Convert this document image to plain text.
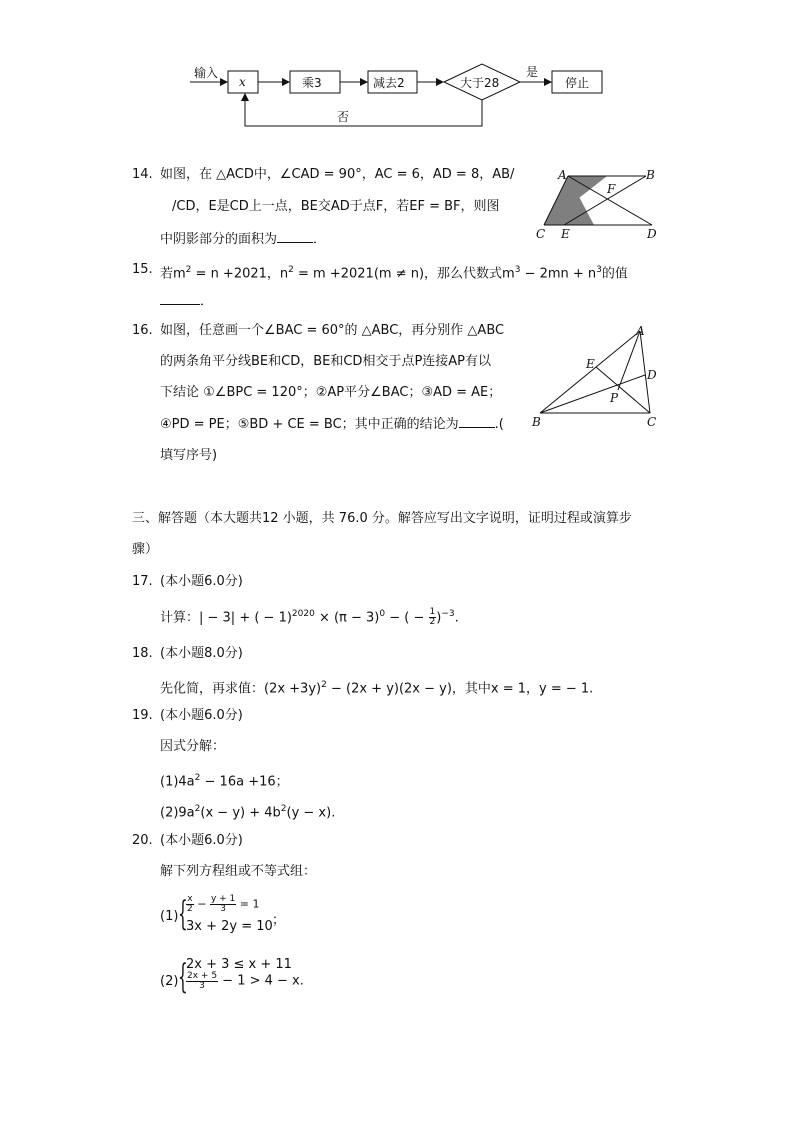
输入
x	乘3	减去2	大于28
是
停止
否
14. 如图，在 △ACD中，∠CAD = 90°，AC = 6，AD = 8，AB/
/CD，E是CD上一点，BE交AD于点F，若EF = BF，则图
中阴影部分的面积为	．
A	B
F
C E	D
15. 若$m^2 = n +2021$，$n^2 = m +2021(m \ne n)$，那么代数式$m^3 - 2mn + n^3$的值
．
16. 如图，任意画一个∠BAC = 60°的 △ABC，再分别作 △ABC
的两条角平分线BE和CD，BE和CD相交于点P连接AP有以
下结论 ①∠BPC = 120°；②AP平分∠BAC；③AD = AE；
④PD = PE；⑤BD + CE = BC；其中正确的结论为	.(
填写序号)
A
E
D
P
B	C
三、解答题（本大题共12 小题，共 76.0 分。解答应写出文字说明，证明过程或演算步
骤）
17. (本小题6.0分)
计算：| − 3| + ( − $1)^{2020} \times (\pi - 3)^0$ − ( − $\frac{1}{2} )^{-3}$.
18. (本小题8.0分)
先化简，再求值：$(2x +3y)^2 - (2x + y)(2x - y)$，其中x = 1，y = − 1.
19. (本小题6.0分)
因式分解：
$(1)4a^2 - 16a +16$；
$(2)9a^2(x - y) + 4b^2(y - x)$.
20. (本小题6.0分)
解下列方程组或不等式组：
(1) {
$\frac{x}{2} - \frac{y + 1}{3} = 1$
3x + 2y = 10 ；
(2) {
2x + 3 ≤ x + 11
$\frac{2x + 5}{3} - 1 > 4 - x$.
